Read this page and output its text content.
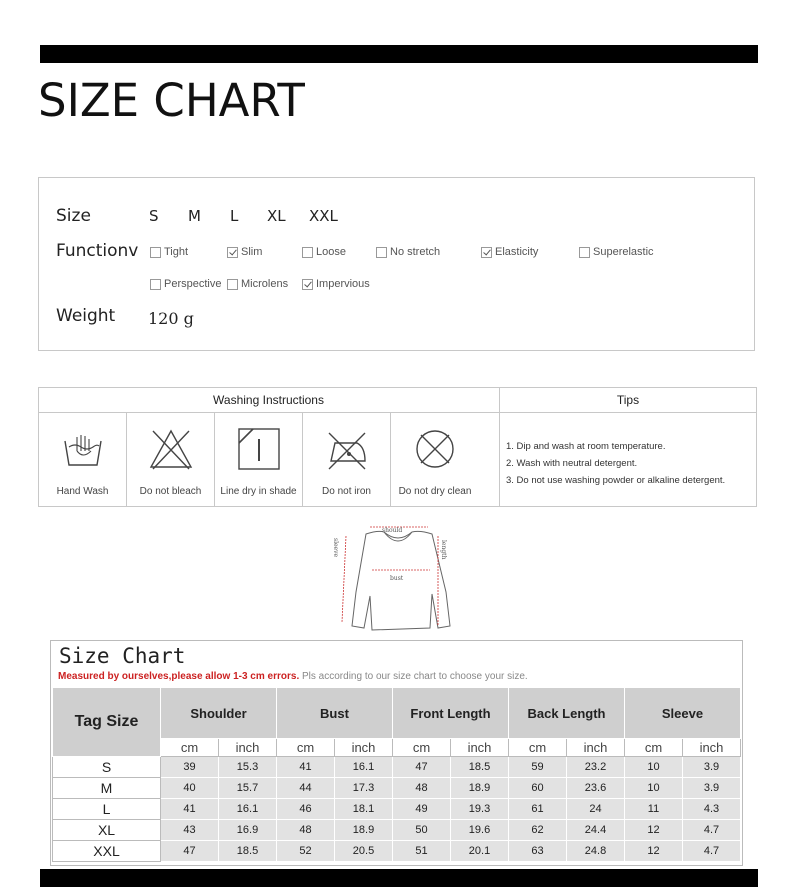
SIZE CHART
Size	S M L XL XXL
Functionv Tight	Slim	Loose	No stretch	Elasticity	Superelastic
Perspective Microlens	Impervious
Weight 120 g
Washing Instructions	Tips
Hand Wash	Do not bleach	Line dry in shade	Do not iron	Do not dry clean
1. Dip and wash at room temperature.
2. Wash with neutral detergent.
3. Do not use washing powder or alkaline detergent.
should
bust
length
sleeve
Size Chart
Measured by ourselves,please allow 1-3 cm errors. Pls according to our size chart to choose your size.
Tag Size	Shoulder		Bust		Front Length		Back Length		Sleeve	
	cm	inch	cm	inch	cm	inch	cm	inch	cm	inch
S	39	15.3	41	16.1	47	18.5	59	23.2	10	3.9
M	40	15.7	44	17.3	48	18.9	60	23.6	10	3.9
L	41	16.1	46	18.1	49	19.3	61	24	11	4.3
XL	43	16.9	48	18.9	50	19.6	62	24.4	12	4.7
XXL	47	18.5	52	20.5	51	20.1	63	24.8	12	4.7
